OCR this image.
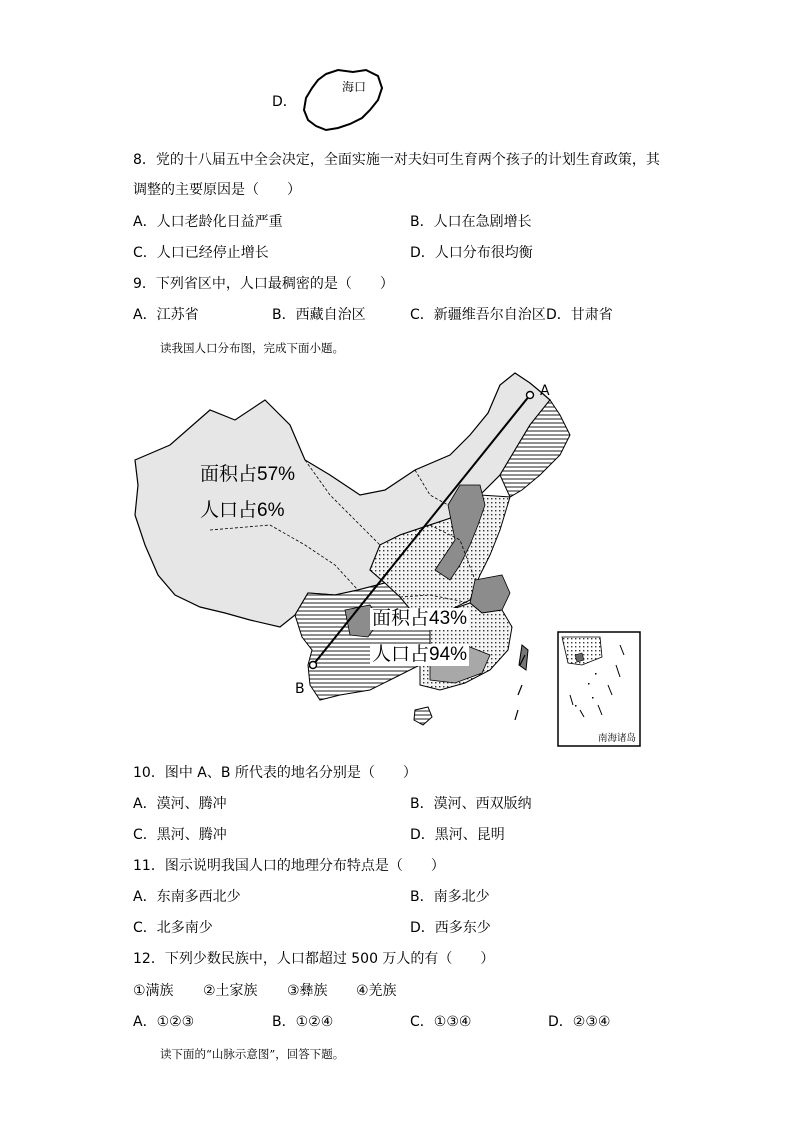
D．
海口
8．党的十八届五中全会决定，全面实施一对夫妇可生育两个孩子的计划生育政策，其
调整的主要原因是（　　）
A．人口老龄化日益严重	B．人口在急剧增长
C．人口已经停止增长	D．人口分布很均衡
9．下列省区中，人口最稠密的是（　　）
A．江苏省	B．西藏自治区	C．新疆维吾尔自治区 D．甘肃省
读我国人口分布图，完成下面小题。
面积占57%
人口占6%
面积占43%
人口占94%
A
B
南海诸岛
10．图中 A、B 所代表的地名分别是（　　）
A．漠河、腾冲	B．漠河、西双版纳
C．黑河、腾冲	D．黑河、昆明
11．图示说明我国人口的地理分布特点是（　　）
A．东南多西北少	B．南多北少
C．北多南少	D．西多东少
12．下列少数民族中，人口都超过 500 万人的有（　　）
①满族 ②土家族 ③彝族 ④羌族
A．①②③	B．①②④	C．①③④	D．②③④
读下面的“山脉示意图”，回答下题。
